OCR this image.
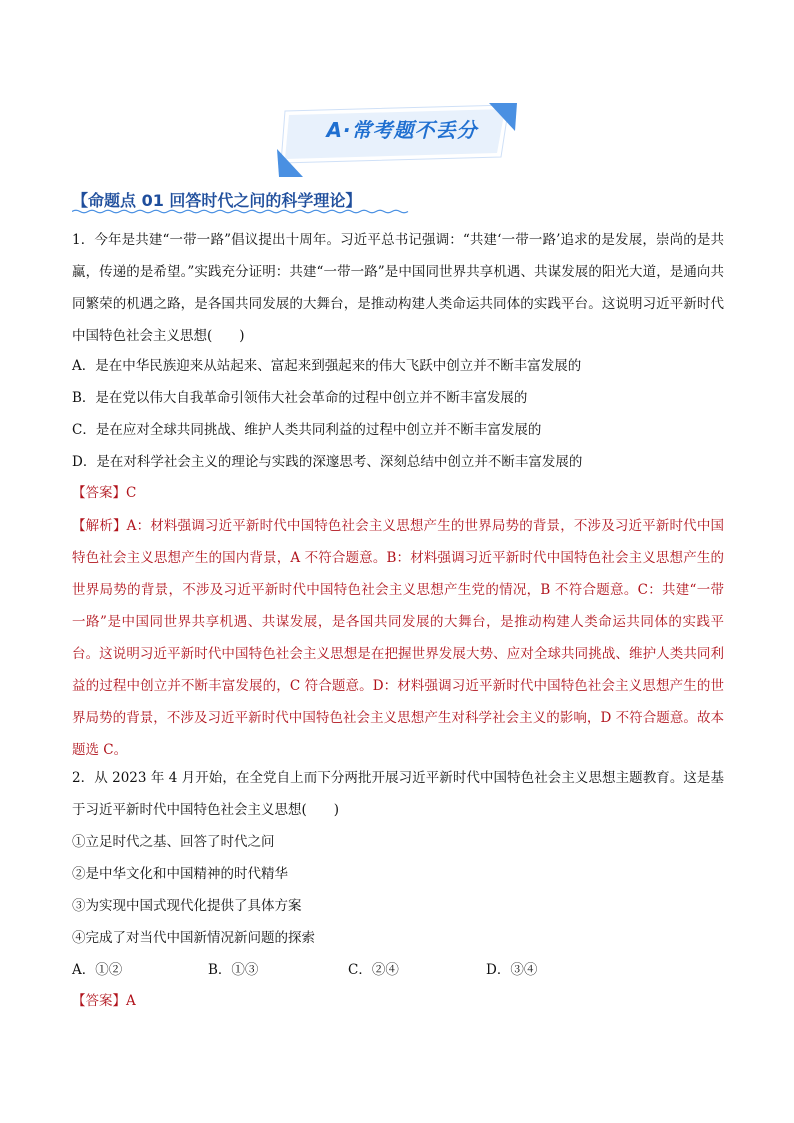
A·常考题不丢分
【命题点 01 回答时代之问的科学理论】
1．今年是共建“一带一路”倡议提出十周年。习近平总书记强调：“共建‘一带一路’追求的是发展，崇尚的是共赢，传递的是希望。”实践充分证明：共建“一带一路”是中国同世界共享机遇、共谋发展的阳光大道，是通向共同繁荣的机遇之路，是各国共同发展的大舞台，是推动构建人类命运共同体的实践平台。这说明习近平新时代中国特色社会主义思想(　　)
A．是在中华民族迎来从站起来、富起来到强起来的伟大飞跃中创立并不断丰富发展的
B．是在党以伟大自我革命引领伟大社会革命的过程中创立并不断丰富发展的
C．是在应对全球共同挑战、维护人类共同利益的过程中创立并不断丰富发展的
D．是在对科学社会主义的理论与实践的深邃思考、深刻总结中创立并不断丰富发展的
【答案】C
【解析】A：材料强调习近平新时代中国特色社会主义思想产生的世界局势的背景，不涉及习近平新时代中国特色社会主义思想产生的国内背景，A 不符合题意。B：材料强调习近平新时代中国特色社会主义思想产生的世界局势的背景，不涉及习近平新时代中国特色社会主义思想产生党的情况，B 不符合题意。C：共建“一带一路”是中国同世界共享机遇、共谋发展，是各国共同发展的大舞台，是推动构建人类命运共同体的实践平台。这说明习近平新时代中国特色社会主义思想是在把握世界发展大势、应对全球共同挑战、维护人类共同利益的过程中创立并不断丰富发展的，C 符合题意。D：材料强调习近平新时代中国特色社会主义思想产生的世界局势的背景，不涉及习近平新时代中国特色社会主义思想产生对科学社会主义的影响，D 不符合题意。故本题选 C。
2．从 2023 年 4 月开始，在全党自上而下分两批开展习近平新时代中国特色社会主义思想主题教育。这是基于习近平新时代中国特色社会主义思想(　　)
①立足时代之基、回答了时代之问
②是中华文化和中国精神的时代精华
③为实现中国式现代化提供了具体方案
④完成了对当代中国新情况新问题的探索
A．①②	B．①③	C．②④	D．③④
【答案】A
